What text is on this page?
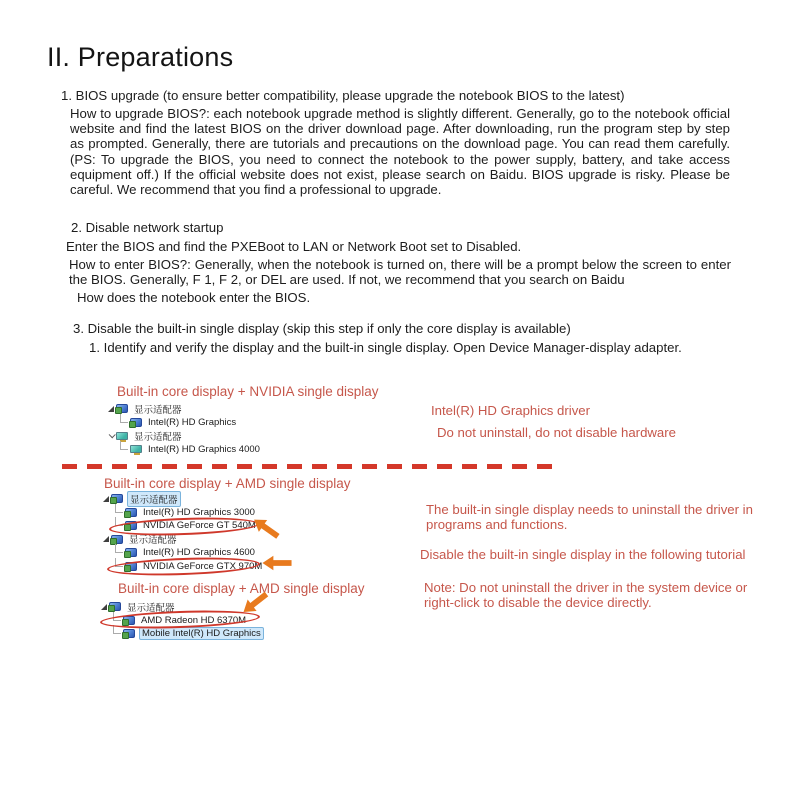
II. Preparations
1. BIOS upgrade (to ensure better compatibility, please upgrade the notebook BIOS to the latest)
How to upgrade BIOS?: each notebook upgrade method is slightly different. Generally, go to the notebook official website and find the latest BIOS on the driver download page. After downloading, run the program step by step as prompted. Generally, there are tutorials and precautions on the download page. You can read them carefully. (PS: To upgrade the BIOS, you need to connect the notebook to the power supply, battery, and take access equipment off.) If the official website does not exist, please search on Baidu. BIOS upgrade is risky. Please be careful. We recommend that you find a professional to upgrade.
2. Disable network startup
Enter the BIOS and find the PXEBoot to LAN or Network Boot set to Disabled.
How to enter BIOS?: Generally, when the notebook is turned on, there will be a prompt below the screen to enter the BIOS. Generally, F 1, F 2, or DEL are used. If not, we recommend that you search on Baidu
How does the notebook enter the BIOS.
3. Disable the built-in single display (skip this step if only the core display is available)
1. Identify and verify the display and the built-in single display. Open Device Manager-display adapter.
Built-in core display + NVIDIA single display
显示适配器
Intel(R) HD Graphics
显示适配器
Intel(R) HD Graphics 4000
Intel(R) HD Graphics driver
Do not uninstall, do not disable hardware
Built-in core display + AMD single display
显示适配器
Intel(R) HD Graphics 3000
NVIDIA GeForce GT 540M
显示适配器
Intel(R) HD Graphics 4600
NVIDIA GeForce GTX 970M
The built-in single display needs to uninstall the driver in programs and functions.
Disable the built-in single display in the following tutorial
Built-in core display + AMD single display	Note: Do not uninstall the driver in the system device or right-click to disable the device directly.
显示适配器
AMD Radeon HD 6370M
Mobile Intel(R) HD Graphics
